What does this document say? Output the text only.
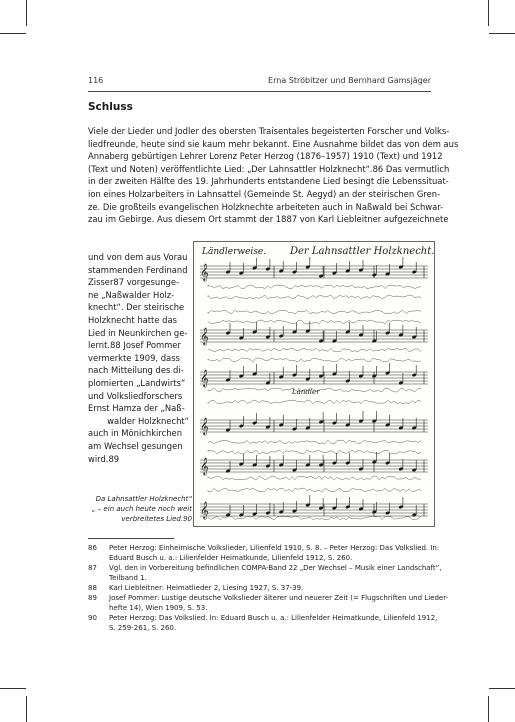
116	Erna Ströbitzer und Bernhard Gamsjäger
Schluss
Viele der Lieder und Jodler des obersten Traisentales begeisterten Forscher und Volks-
liedfreunde, heute sind sie kaum mehr bekannt. Eine Ausnahme bildet das von dem aus
Annaberg gebürtigen Lehrer Lorenz Peter Herzog (1876–1957) 1910 (Text) und 1912
(Text und Noten) veröffentlichte Lied: „Der Lahnsattler Holzknecht“.86 Das vermutlich
in der zweiten Hälfte des 19. Jahrhunderts entstandene Lied besingt die Lebenssituat-
ion eines Holzarbeiters in Lahnsattel (Gemeinde St. Aegyd) an der steirischen Gren-
ze. Die großteils evangelischen Holzknechte arbeiteten auch in Naßwald bei Schwar-
zau im Gebirge. Aus diesem Ort stammt der 1887 von Karl Liebleitner aufgezeichnete
und von dem aus Vorau
stammenden Ferdinand
Zisser87 vorgesunge-
ne „Naßwalder Holz-
knecht“. Der steirische
Holzknecht hatte das
Lied in Neunkirchen ge-
lernt.88 Josef Pommer
vermerkte 1909, dass
nach Mitteilung des di-
plomierten „Landwirts“
und Volksliedforschers
Ernst Hamza der „Naß-
walder Holzknecht“
auch in Mönichkirchen
am Wechsel gesungen
wird.89
Ländlerweise. Der Lahnsattler Holzknecht.
Ländler
𝄞
𝄞
𝄞
𝄞
𝄞
𝄞
Da Lahnsattler Holzknecht“
„ – ein auch heute noch weit
verbreitetes Lied.90
86 Peter Herzog: Einheimische Volkslieder, Lilienfeld 1910, S. 8. – Peter Herzog: Das Volkslied. In:
Eduard Busch u. a.: Lilienfelder Heimatkunde, Lilienfeld 1912, S. 260.
87 Vgl. den in Vorbereitung befindlichen COMPA-Band 22 „Der Wechsel – Musik einer Landschaft“,
Teilband 1.
88 Karl Liebleitner: Heimatlieder 2, Liesing 1927, S. 37-39.
89 Josef Pommer: Lustige deutsche Volkslieder älterer und neuerer Zeit (= Flugschriften und Lieder-
hefte 14), Wien 1909, S. 53.
90 Peter Herzog: Das Volkslied. In: Eduard Busch u. a.: Lilienfelder Heimatkunde, Lilienfeld 1912,
S. 259-261, S. 260.
